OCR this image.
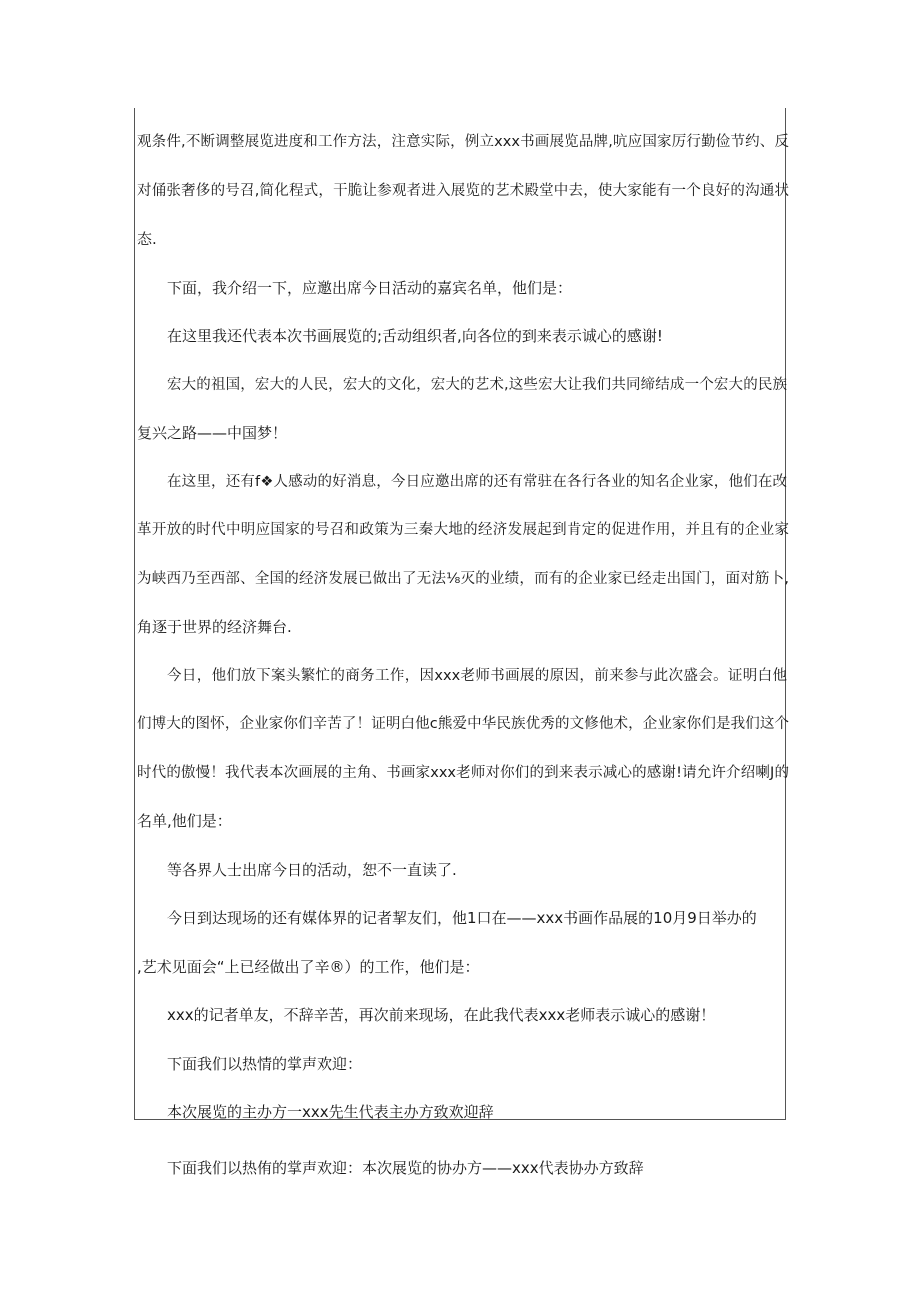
观条件,不断调整展览进度和工作方法，注意实际，例立xxx书画展览品牌,吭应国家厉行勤俭节约、反
对俑张奢侈的号召,简化程式，干脆让参观者进入展览的艺术殿堂中去，使大家能有一个良好的沟通状
态.
下面，我介绍一下，应邀出席今日活动的嘉宾名单，他们是：
在这里我还代表本次书画展览的;舌动组织者,向各位的到来表示诚心的感谢!
宏大的祖国，宏大的人民，宏大的文化，宏大的艺术,这些宏大让我们共同缔结成一个宏大的民族
复兴之路——中国梦！
在这里，还有f❖人感动的好消息，今日应邀出席的还有常驻在各行各业的知名企业家，他们在改
革开放的时代中明应国家的号召和政策为三秦大地的经济发展起到肯定的促进作用，并且有的企业家
为峡西乃至西部、全国的经济发展已做出了无法⅛灭的业绩，而有的企业家已经走出国门，面对筋卜,
角逐于世界的经济舞台.
今日，他们放下案头繁忙的商务工作，因xxx老师书画展的原因，前来参与此次盛会。证明白他
们博大的图怀，企业家你们辛苦了！证明白他c熊爱中华民族优秀的文修他术，企业家你们是我们这个
时代的傲慢！我代表本次画展的主角、书画家xxx老师对你们的到来表示减心的感谢!请允许介绍喇J的
名单,他们是：
等各界人士出席今日的活动，恕不一直读了.
今日到达现场的还有媒体界的记者挈友们，他1口在——xxx书画作品展的10月9日举办的
,艺术见面会“上已经做出了辛®）的工作，他们是：
xxx的记者单友，不辞辛苦，再次前来现场，在此我代表xxx老师表示诚心的感谢！
下面我们以热情的掌声欢迎：
本次展览的主办方一xxx先生代表主办方致欢迎辞
下面我们以热侑的掌声欢迎：本次展览的协办方——xxx代表协办方致辞
